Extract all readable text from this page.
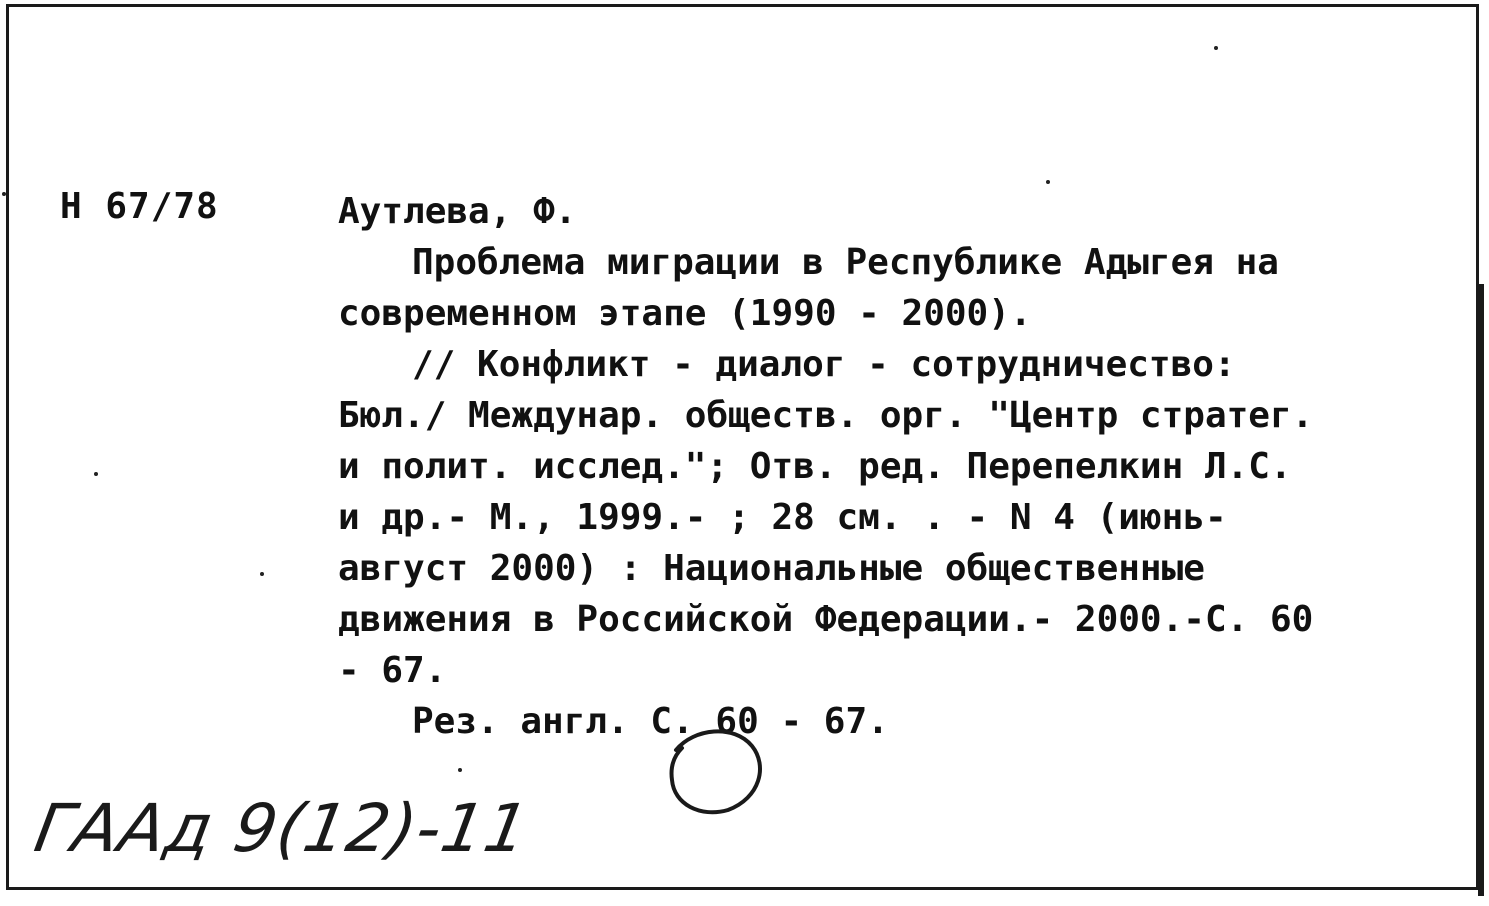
Н 67/78	Аутлева, Ф.
Проблема миграции в Республике Адыгея на
современном этапе (1990 - 2000).
// Конфликт - диалог - сотрудничество:
Бюл./ Междунар. обществ. орг. "Центр стратег.
и полит. исслед."; Отв. ред. Перепелкин Л.С.
и др.- М., 1999.- ; 28 см. . - N 4 (июнь-
август 2000) : Национальные общественные
движения в Российской Федерации.- 2000.-С. 60
- 67.
Рез. англ. С. 60 - 67.
ГААд 9(12)-11
